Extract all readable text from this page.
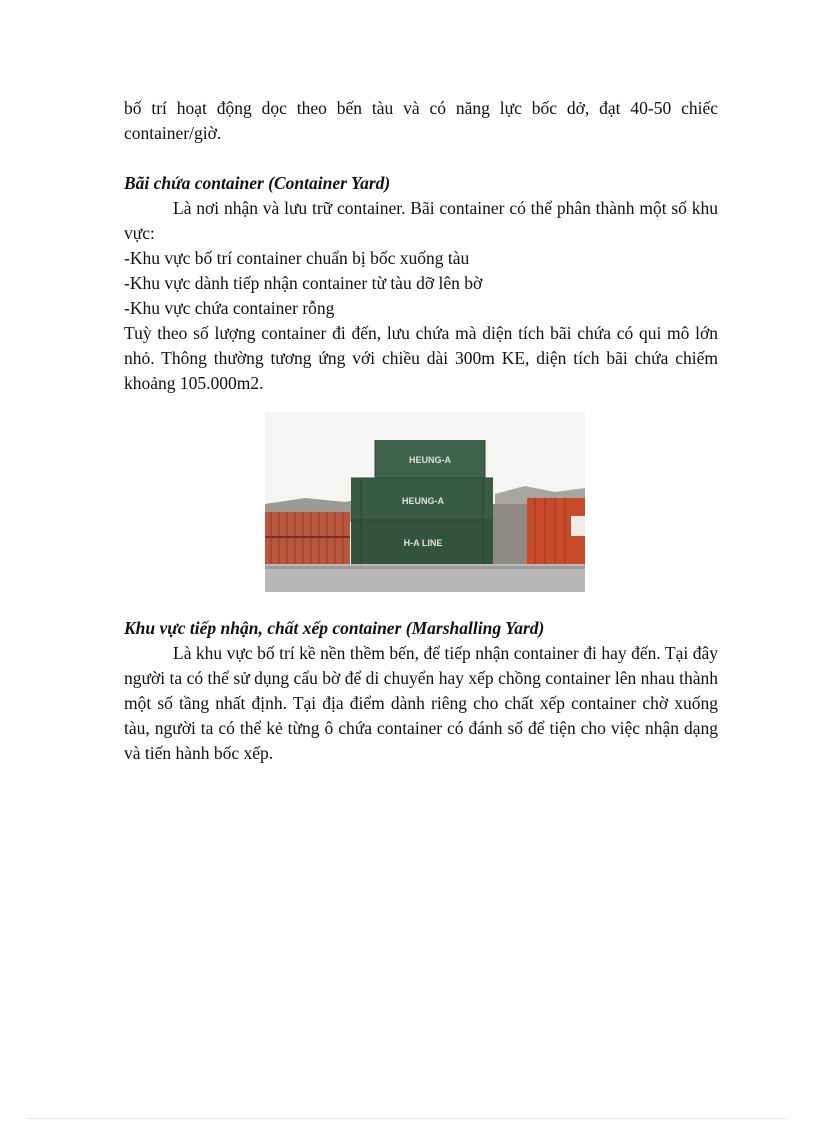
bố trí hoạt động dọc theo bến tàu và có năng lực bốc dở, đạt 40-50 chiếc container/giờ.

Bãi chứa container (Container Yard)

Là nơi nhận và lưu trữ container. Bãi container có thể phân thành một số khu vực:

-Khu vực bố trí container chuẩn bị bốc xuống tàu

-Khu vực dành tiếp nhận container từ tàu dỡ lên bờ

-Khu vực chứa container rỗng

Tuỳ theo số lượng container đi đến, lưu chứa mà diện tích bãi chứa có qui mô lớn nhỏ. Thông thường tương ứng với chiều dài 300m KE, diện tích bãi chứa chiếm khoảng 105.000m2.

HEUNG-A
HEUNG-A
H-A LINE

Khu vực tiếp nhận, chất xếp container (Marshalling Yard)

Là khu vực bố trí kề nền thềm bến, để tiếp nhận container đi hay đến. Tại đây người ta có thể sử dụng cẩu bờ để di chuyển hay xếp chồng container lên nhau thành một số tầng nhất định. Tại địa điểm dành riêng cho chất xếp container chờ xuống tàu, người ta có thể kẻ từng ô chứa container có đánh số để tiện cho việc nhận dạng và tiến hành bốc xếp.
